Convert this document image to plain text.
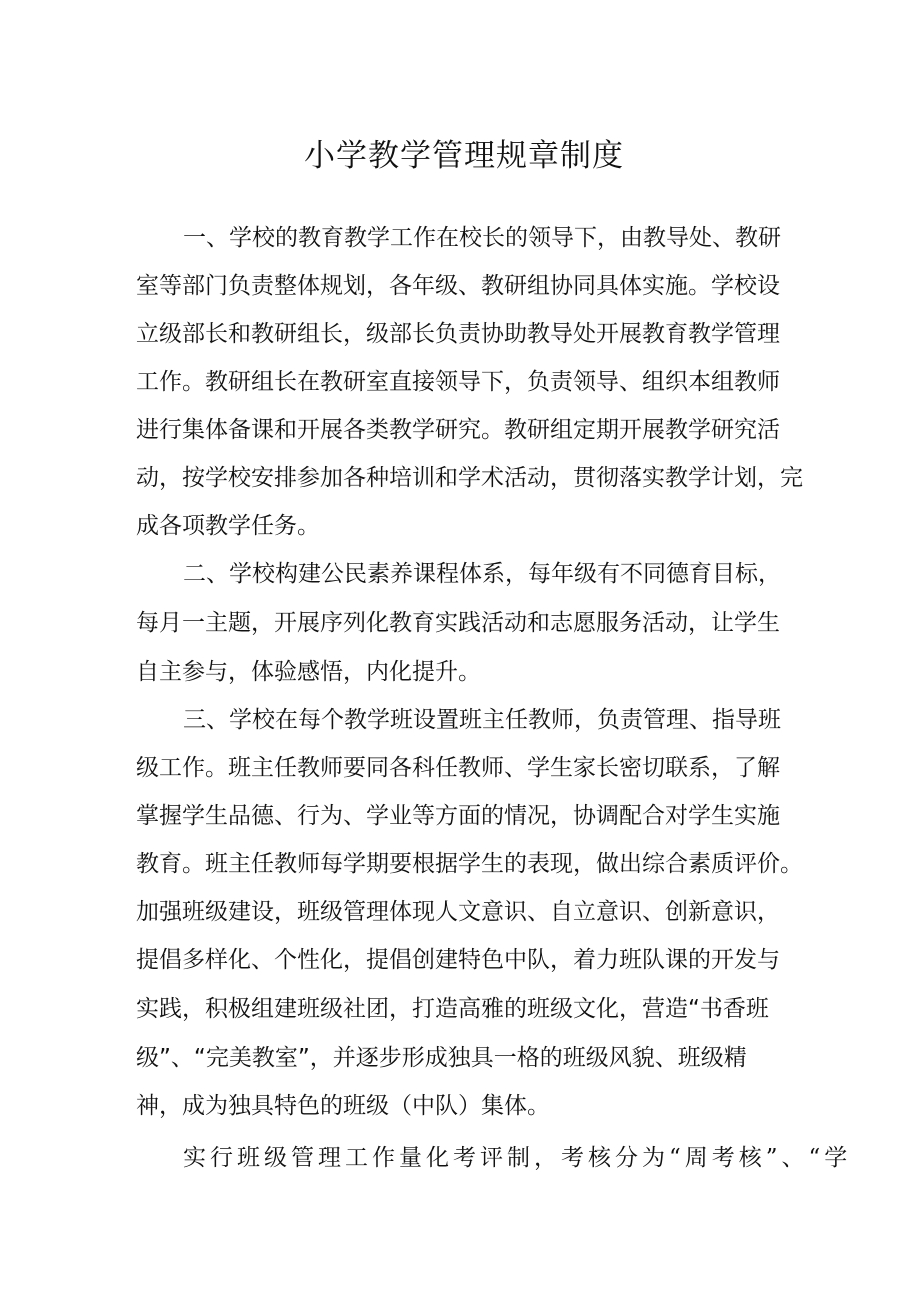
小学教学管理规章制度

一、学校的教育教学工作在校长的领导下，由教导处、教研

室等部门负责整体规划，各年级、教研组协同具体实施。学校设

立级部长和教研组长，级部长负责协助教导处开展教育教学管理

工作。教研组长在教研室直接领导下，负责领导、组织本组教师

进行集体备课和开展各类教学研究。教研组定期开展教学研究活

动，按学校安排参加各种培训和学术活动，贯彻落实教学计划，完

成各项教学任务。

二、学校构建公民素养课程体系，每年级有不同德育目标，

每月一主题，开展序列化教育实践活动和志愿服务活动，让学生

自主参与，体验感悟，内化提升。

三、学校在每个教学班设置班主任教师，负责管理、指导班

级工作。班主任教师要同各科任教师、学生家长密切联系，了解

掌握学生品德、行为、学业等方面的情况，协调配合对学生实施

教育。班主任教师每学期要根据学生的表现，做出综合素质评价。

加强班级建设，班级管理体现人文意识、自立意识、创新意识，

提倡多样化、个性化，提倡创建特色中队，着力班队课的开发与

实践，积极组建班级社团，打造高雅的班级文化，营造“书香班

级”、“完美教室”，并逐步形成独具一格的班级风貌、班级精

神，成为独具特色的班级（中队）集体。

实行班级管理工作量化考评制，考核分为“周考核”、“学
